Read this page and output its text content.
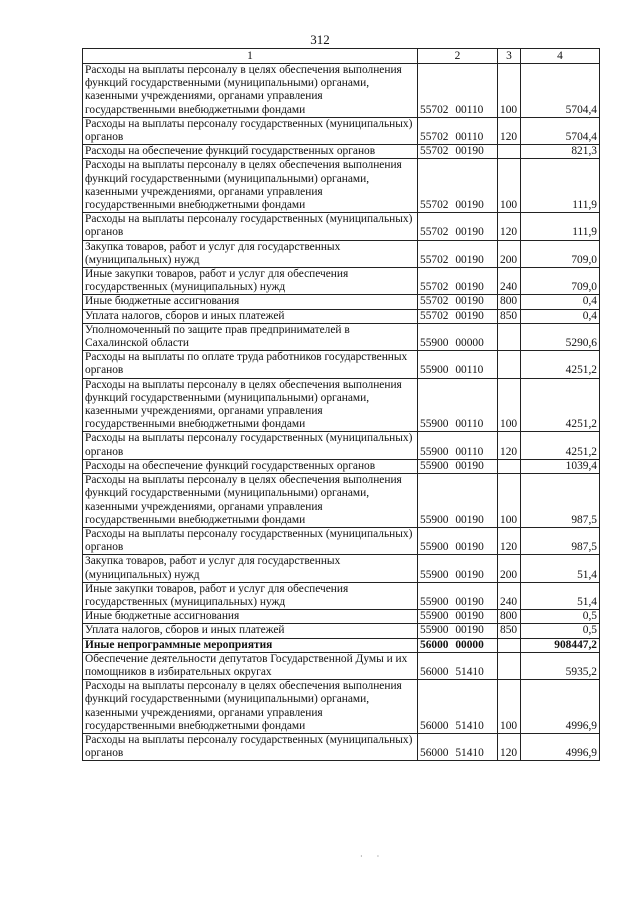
312
1	2	3	4
Расходы на выплаты персоналу в целях обеспечения выполнения функций государственными (муниципальными) органами, казенными учреждениями, органами управления государственными внебюджетными фондами	55702 00110	100	5704,4
Расходы на выплаты персоналу государственных (муниципальных) органов	55702 00110	120	5704,4
Расходы на обеспечение функций государственных органов	55702 00190		821,3
Расходы на выплаты персоналу в целях обеспечения выполнения функций государственными (муниципальными) органами, казенными учреждениями, органами управления государственными внебюджетными фондами	55702 00190	100	111,9
Расходы на выплаты персоналу государственных (муниципальных) органов	55702 00190	120	111,9
Закупка товаров, работ и услуг для государственных (муниципальных) нужд	55702 00190	200	709,0
Иные закупки товаров, работ и услуг для обеспечения государственных (муниципальных) нужд	55702 00190	240	709,0
Иные бюджетные ассигнования	55702 00190	800	0,4
Уплата налогов, сборов и иных платежей	55702 00190	850	0,4
Уполномоченный по защите прав предпринимателей в Сахалинской области	55900 00000		5290,6
Расходы на выплаты по оплате труда работников государственных органов	55900 00110		4251,2
Расходы на выплаты персоналу в целях обеспечения выполнения функций государственными (муниципальными) органами, казенными учреждениями, органами управления государственными внебюджетными фондами	55900 00110	100	4251,2
Расходы на выплаты персоналу государственных (муниципальных) органов	55900 00110	120	4251,2
Расходы на обеспечение функций государственных органов	55900 00190		1039,4
Расходы на выплаты персоналу в целях обеспечения выполнения функций государственными (муниципальными) органами, казенными учреждениями, органами управления государственными внебюджетными фондами	55900 00190	100	987,5
Расходы на выплаты персоналу государственных (муниципальных) органов	55900 00190	120	987,5
Закупка товаров, работ и услуг для государственных (муниципальных) нужд	55900 00190	200	51,4
Иные закупки товаров, работ и услуг для обеспечения государственных (муниципальных) нужд	55900 00190	240	51,4
Иные бюджетные ассигнования	55900 00190	800	0,5
Уплата налогов, сборов и иных платежей	55900 00190	850	0,5
Иные непрограммные мероприятия	56000 00000		908447,2
Обеспечение деятельности депутатов Государственной Думы и их помощников в избирательных округах	56000 51410		5935,2
Расходы на выплаты персоналу в целях обеспечения выполнения функций государственными (муниципальными) органами, казенными учреждениями, органами управления государственными внебюджетными фондами	56000 51410	100	4996,9
Расходы на выплаты персоналу государственных (муниципальных) органов	56000 51410	120	4996,9
· ·
